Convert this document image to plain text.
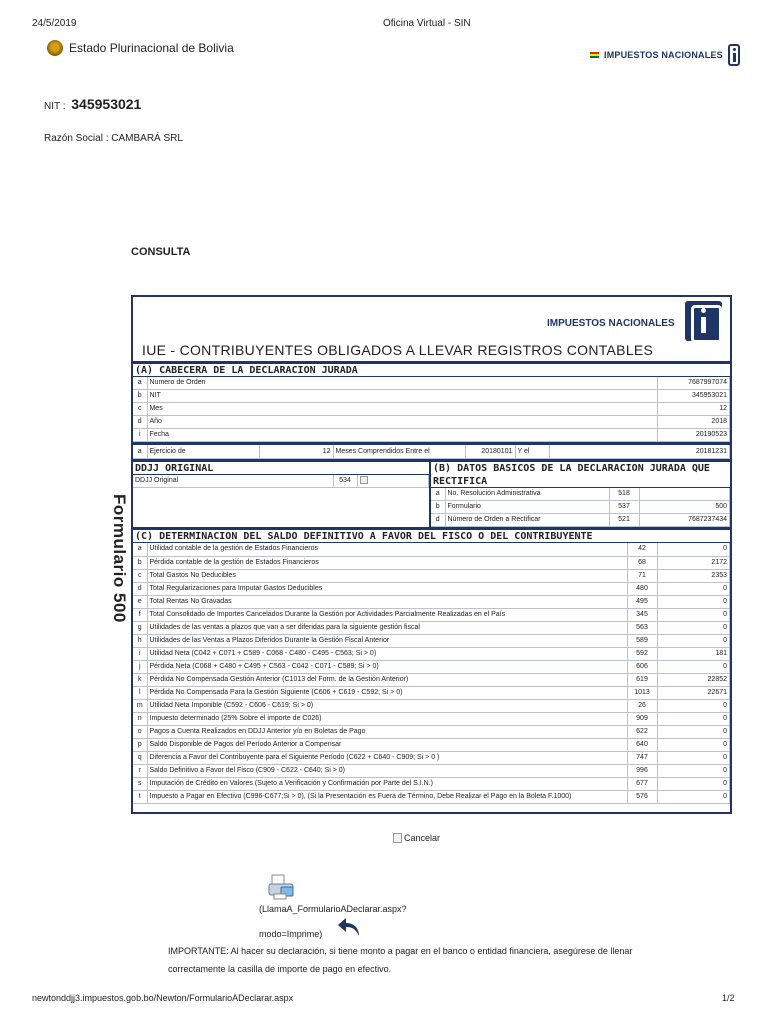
24/5/2019	Oficina Virtual - SIN
Estado Plurinacional de Bolivia	IMPUESTOS NACIONALES
NIT : 345953021
Razón Social : CAMBARÁ SRL
CONSULTA
Formulario 500
IMPUESTOS NACIONALES
IUE - CONTRIBUYENTES OBLIGADOS A LLEVAR REGISTROS CONTABLES
(A) CABECERA DE LA DECLARACION JURADA
a	Numero de Orden	7687997074
b	NIT	345953021
c	Mes	12
d	Año	2018
i	Fecha	20190523
a	Ejercicio de	12	Meses Comprendidos Entre el	20180101	Y el	20181231
DDJJ ORIGINAL
DDJJ Original	534	
(B) DATOS BASICOS DE LA DECLARACION JURADA QUE RECTIFICA
a	No. Resolución Administrativa	518	
b	Formulario	537	500
d	Número de Orden a Rectificar	521	7687237434
(C) DETERMINACION DEL SALDO DEFINITIVO A FAVOR DEL FISCO O DEL CONTRIBUYENTE
a	Utilidad contable de la gestión de Estados Financieros	42	0
b	Pérdida contable de la gestión de Estados Financieros	68	2172
c	Total Gastos No Deducibles	71	2353
d	Total Regularizaciones para Imputar Gastos Deducibles	480	0
e	Total Rentas No Gravadas	495	0
f	Total Consolidado de Importes Cancelados Durante la Gestión por Actividades Parcialmente Realizadas en el País	345	0
g	Utilidades de las ventas a plazos que van a ser diferidas para la siguiente gestión fiscal	563	0
h	Utilidades de las Ventas a Plazos Diferidos Durante la Gestión Fiscal Anterior	589	0
i	Utilidad Neta (C042 + C071 + C589 - C068 - C480 - C495 - C563; Si > 0)	592	181
j	Pérdida Neta (C068 + C480 + C495 + C563 - C042 - C071 - C589; Si > 0)	606	0
k	Pérdida No Compensada Gestión Anterior (C1013 del Form. de la Gestión Anterior)	619	22852
l	Pérdida No Compensada Para la Gestión Siguiente (C606 + C619 - C592; Si > 0)	1013	22671
m	Utilidad Neta Imponible (C592 - C606 - C619; Si > 0)	26	0
n	Impuesto determinado (25% Sobre el importe de C026)	909	0
o	Pagos a Cuenta Realizados en DDJJ Anterior y/o en Boletas de Pago	622	0
p	Saldo Disponible de Pagos del Período Anterior a Compensar	640	0
q	Diferencia a Favor del Contribuyente para el Siguiente Período (C622 + C640 - C909; Si > 0 )	747	0
r	Saldo Definitivo a Favor del Fisco (C909 - C622 - C640; Si > 0)	996	0
s	Imputación de Crédito en Valores (Sujeto a Verificación y Confirmación por Parte del S.I.N.)	677	0
t	Impuesto a Pagar en Efectivo (C996-C677;Si > 0), (Si la Presentación es Fuera de Término, Debe Realizar el Pago en la Boleta F.1000)	576	0
Cancelar
(LlamaA_FormularioADeclarar.aspx?
modo=Imprime)
IMPORTANTE: Al hacer su declaración, si tiene monto a pagar en el banco o entidad financiera, asegúrese de llenar correctamente la casilla de importe de pago en efectivo.
newtonddjj3.impuestos.gob.bo/Newton/FormularioADeclarar.aspx	1/2
